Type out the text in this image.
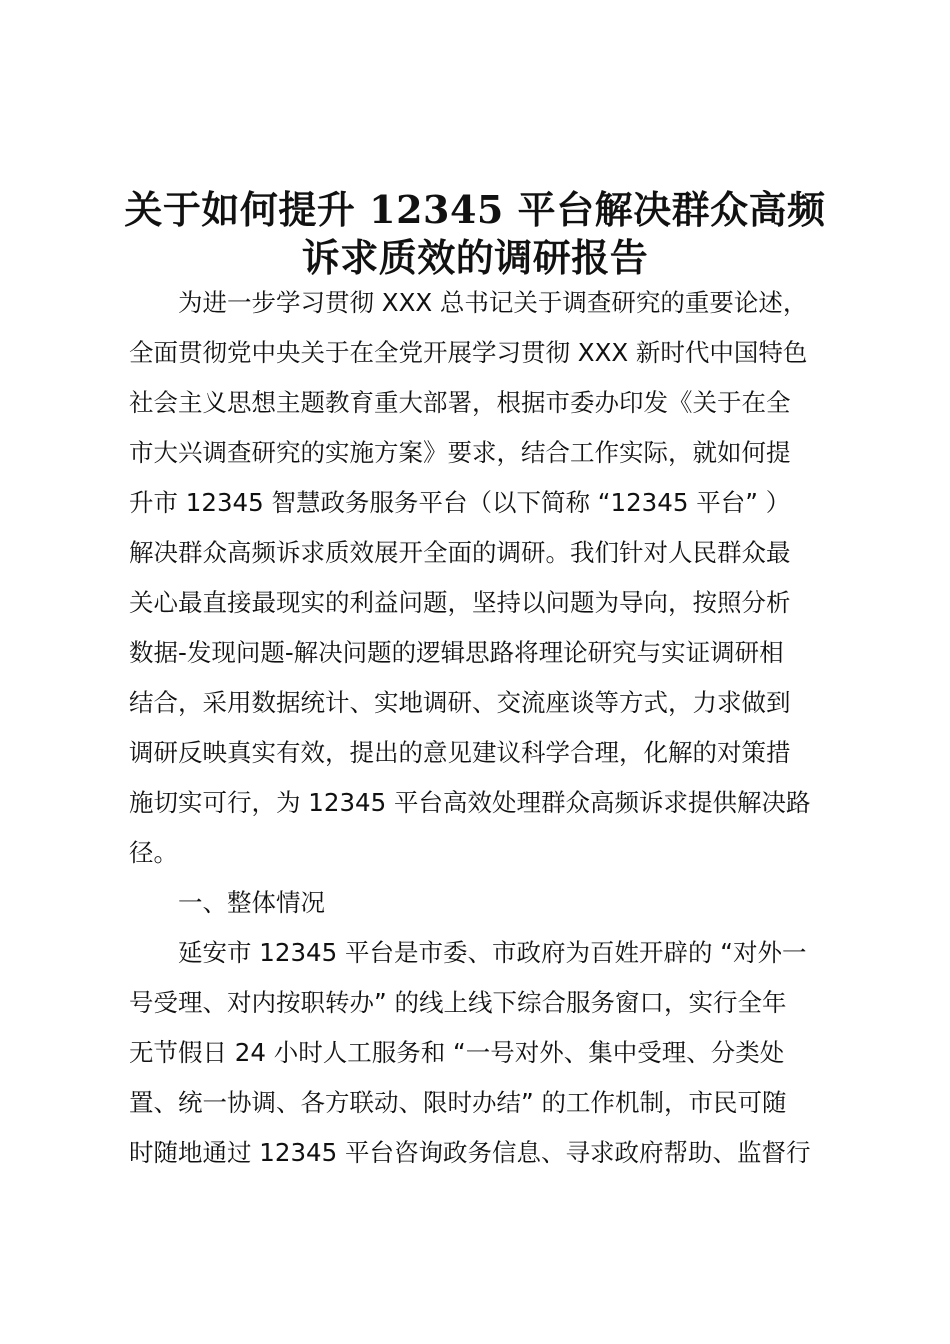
关于如何提升 12345 平台解决群众高频
诉求质效的调研报告
为进一步学习贯彻 XXX 总书记关于调查研究的重要论述，
全面贯彻党中央关于在全党开展学习贯彻 XXX 新时代中国特色
社会主义思想主题教育重大部署，根据市委办印发《关于在全
市大兴调查研究的实施方案》要求，结合工作实际，就如何提
升市 12345 智慧政务服务平台（以下简称 “12345 平台” ）
解决群众高频诉求质效展开全面的调研。我们针对人民群众最
关心最直接最现实的利益问题，坚持以问题为导向，按照分析
数据-发现问题-解决问题的逻辑思路将理论研究与实证调研相
结合，采用数据统计、实地调研、交流座谈等方式，力求做到
调研反映真实有效，提出的意见建议科学合理，化解的对策措
施切实可行，为 12345 平台高效处理群众高频诉求提供解决路
径。
一、整体情况
延安市 12345 平台是市委、市政府为百姓开辟的 “对外一
号受理、对内按职转办” 的线上线下综合服务窗口，实行全年
无节假日 24 小时人工服务和 “一号对外、集中受理、分类处
置、统一协调、各方联动、限时办结” 的工作机制，市民可随
时随地通过 12345 平台咨询政务信息、寻求政府帮助、监督行
